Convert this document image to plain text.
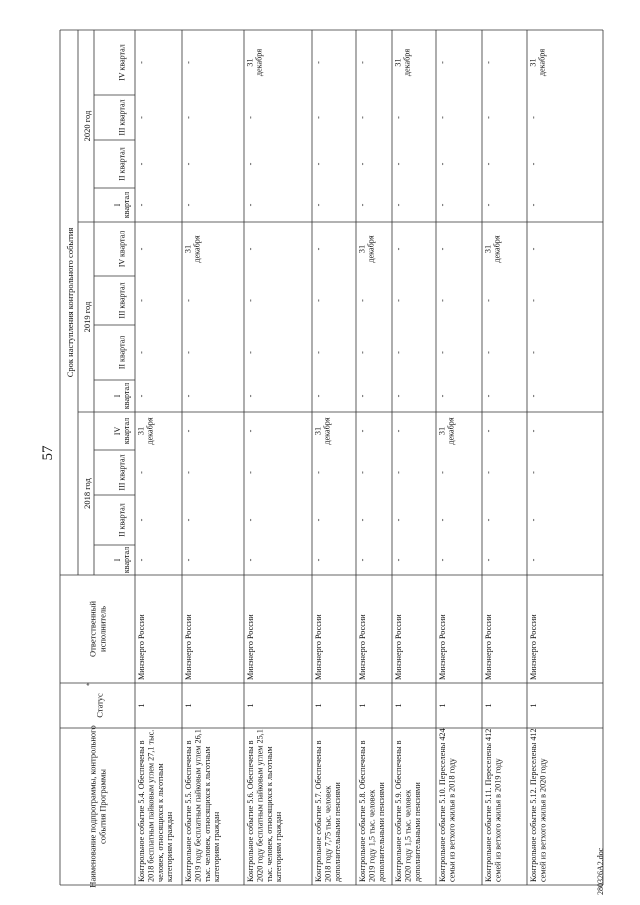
57
Наименование подпрограммы, контрольногособытия Программы
Статус
*
Ответственныйисполнитель
Срок наступления контрольного события
2018 год
2019 год
2020 год
Iквартал
II квартал
III квартал
IVквартал
Iквартал
II квартал
III квартал
IV квартал
Iквартал
II квартал
III квартал
IV квартал
Контрольное событие 5.4. Обеспечены в2018 бесплатным пайковым углем 27,1 тыс.человек, относящихся к льготнымкатегориям граждан
1
Минэнерго России
-
-
-
31декабря
-
-
-
-
-
-
-
-
Контрольное событие 5.5. Обеспечены в2019 году бесплатным пайковым углем 26,1тыс. человек, относящихся к льготнымкатегориям граждан
1
Минэнерго России
-
-
-
-
-
-
-
31декабря
-
-
-
-
Контрольное событие 5.6. Обеспечены в2020 году бесплатным пайковым углем 25,1тыс. человек, относящихся к льготнымкатегориям граждан
1
Минэнерго России
-
-
-
-
-
-
-
-
-
-
-
31декабря
Контрольное событие 5.7. Обеспечены в2018 году 7,75 тыс. человекдополнительными пенсиями
1
Минэнерго России
-
-
-
31декабря
-
-
-
-
-
-
-
-
Контрольное событие 5.8. Обеспечены в2019 году 1,5 тыс. человекдополнительными пенсиями
1
Минэнерго России
-
-
-
-
-
-
-
31декабря
-
-
-
-
Контрольное событие 5.9. Обеспечены в2020 году 1,5 тыс. человекдополнительными пенсиями
1
Минэнерго России
-
-
-
-
-
-
-
-
-
-
-
31декабря
Контрольное событие 5.10. Переселены 424семьи из ветхого жилья в 2018 году
1
Минэнерго России
-
-
-
31декабря
-
-
-
-
-
-
-
-
Контрольное событие 5.11. Переселены 412семей из ветхого жилья в 2019 году
1
Минэнерго России
-
-
-
-
-
-
-
31декабря
-
-
-
-
Контрольное событие 5.12. Переселены 412семей из ветхого жилья в 2020 году
1
Минэнерго России
-
-
-
-
-
-
-
-
-
-
-
31декабря
280326A2.doc
